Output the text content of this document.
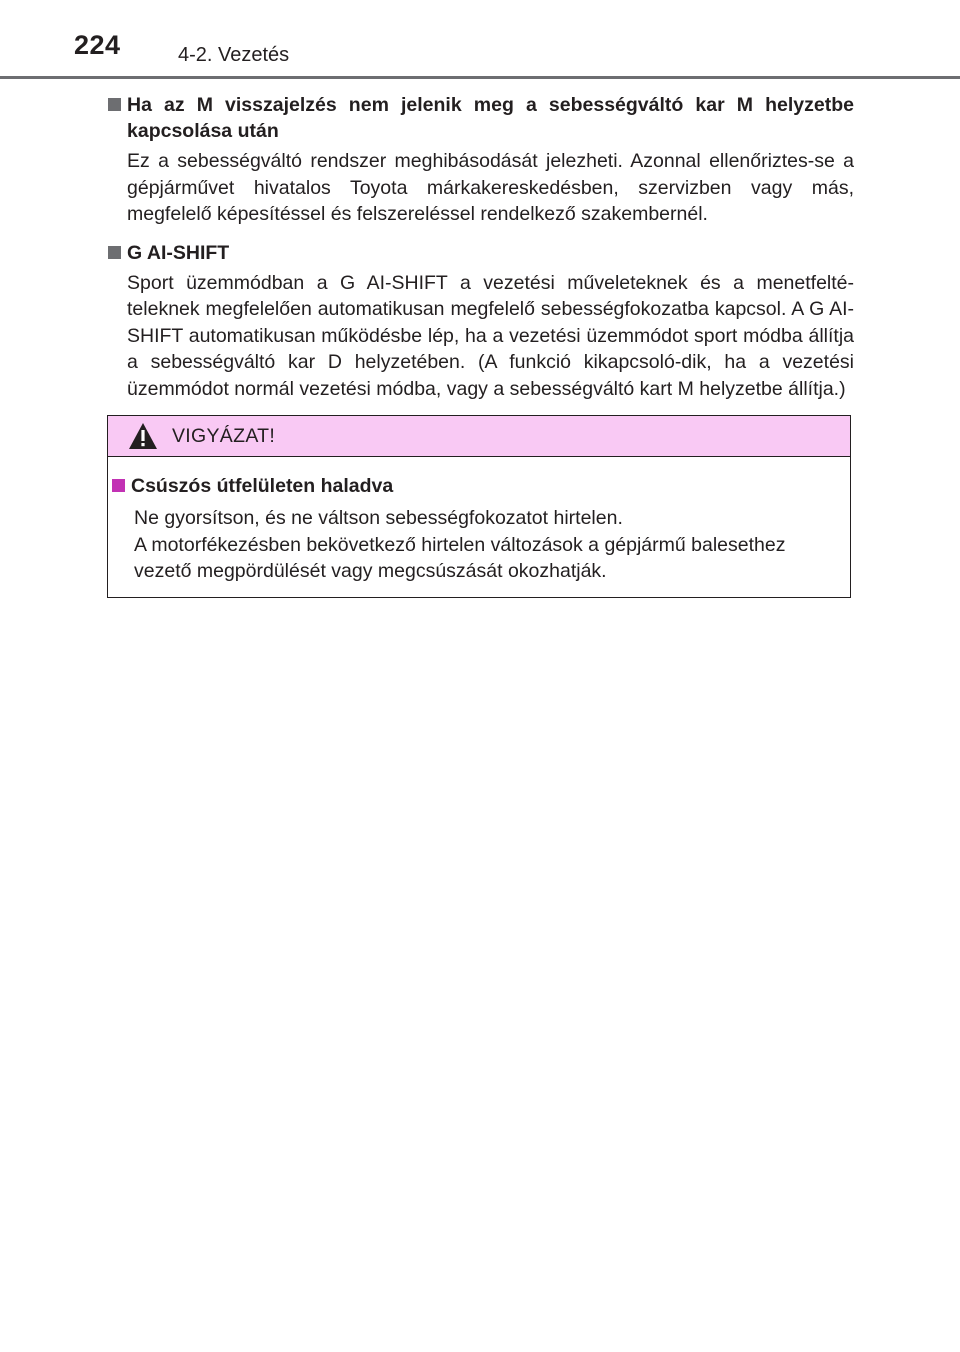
224	4-2. Vezetés
Ha az M visszajelzés nem jelenik meg a sebességváltó kar M helyzetbe kapcsolása után
Ez a sebességváltó rendszer meghibásodását jelezheti. Azonnal ellenőriztes-se a gépjárművet hivatalos Toyota márkakereskedésben, szervizben vagy más, megfelelő képesítéssel és felszereléssel rendelkező szakembernél.
G AI-SHIFT
Sport üzemmódban a G AI-SHIFT a vezetési műveleteknek és a menetfelté-teleknek megfelelően automatikusan megfelelő sebességfokozatba kapcsol. A G AI-SHIFT automatikusan működésbe lép, ha a vezetési üzemmódot sport módba állítja a sebességváltó kar D helyzetében. (A funkció kikapcsoló-dik, ha a vezetési üzemmódot normál vezetési módba, vagy a sebességváltó kart M helyzetbe állítja.)
VIGYÁZAT!
Csúszós útfelületen haladva
Ne gyorsítson, és ne váltson sebességfokozatot hirtelen.
A motorfékezésben bekövetkező hirtelen változások a gépjármű balesethez vezető megpördülését vagy megcsúszását okozhatják.
